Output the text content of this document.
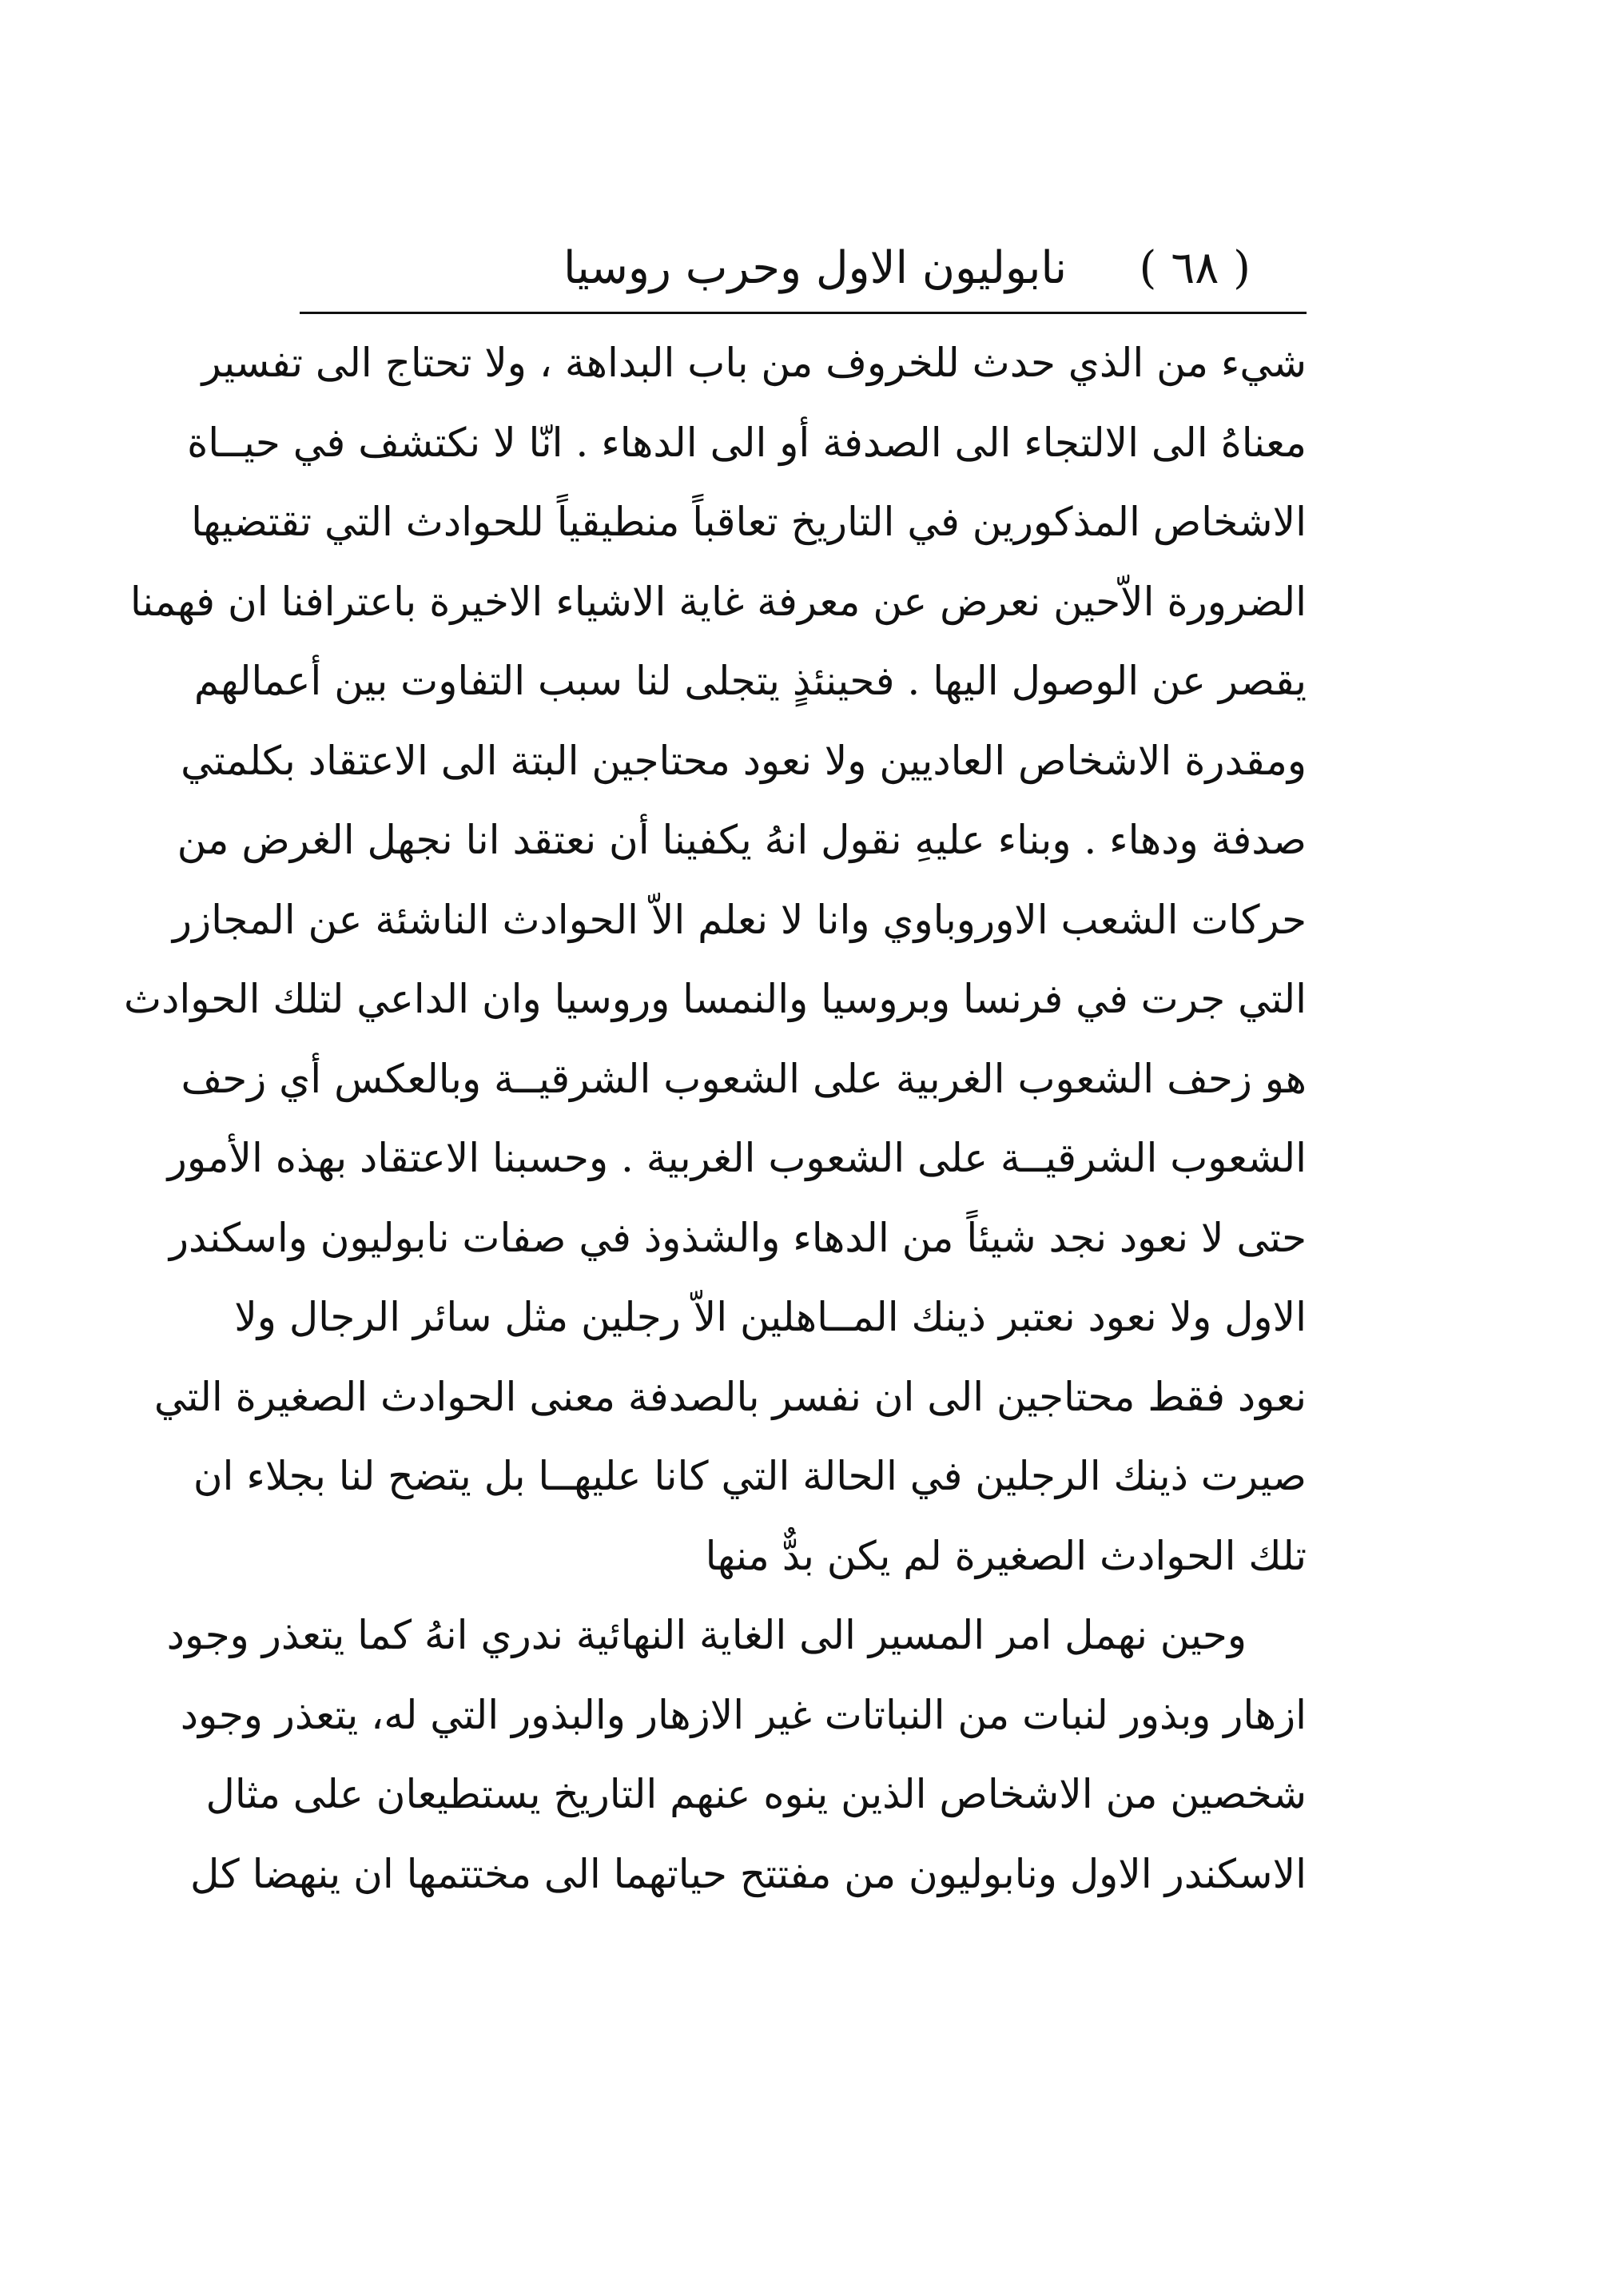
( ٦٨ )
نابوليون الاول وحرب روسيا
شيء من الذي حدث للخروف من باب البداهة ، ولا تحتاج الى تفسير
معناهُ الى الالتجاء الى الصدفة أو الى الدهاء . انّا لا نكتشف في حيــاة
الاشخاص المذكورين في التاريخ تعاقباً منطيقياً للحوادث التي تقتضيها
الضرورة الاّحين نعرض عن معرفة غاية الاشياء الاخيرة باعترافنا ان فهمنا
يقصر عن الوصول اليها . فحينئذٍ يتجلى لنا سبب التفاوت بين أعمالهم
ومقدرة الاشخاص العاديين ولا نعود محتاجين البتة الى الاعتقاد بكلمتي
صدفة ودهاء . وبناء عليهِ نقول انهُ يكفينا أن نعتقد انا نجهل الغرض من
حركات الشعب الاوروباوي وانا لا نعلم الاّ الحوادث الناشئة عن المجازر
التي جرت في فرنسا وبروسيا والنمسا وروسيا وان الداعي لتلك الحوادث
هو زحف الشعوب الغربية على الشعوب الشرقيــة وبالعكس أي زحف
الشعوب الشرقيــة على الشعوب الغربية . وحسبنا الاعتقاد بهذه الأمور
حتى لا نعود نجد شيئاً من الدهاء والشذوذ في صفات نابوليون واسكندر
الاول ولا نعود نعتبر ذينك المــاهلين الاّ رجلين مثل سائر الرجال ولا
نعود فقط محتاجين الى ان نفسر بالصدفة معنى الحوادث الصغيرة التي
صيرت ذينك الرجلين في الحالة التي كانا عليهــا بل يتضح لنا بجلاء ان
تلك الحوادث الصغيرة لم يكن بدٌّ منها
وحين نهمل امر المسير الى الغاية النهائية ندري انهُ كما يتعذر وجود
ازهار وبذور لنبات من النباتات غير الازهار والبذور التي له، يتعذر وجود
شخصين من الاشخاص الذين ينوه عنهم التاريخ يستطيعان على مثال
الاسكندر الاول ونابوليون من مفتتح حياتهما الى مختتمها ان ينهضا كل
